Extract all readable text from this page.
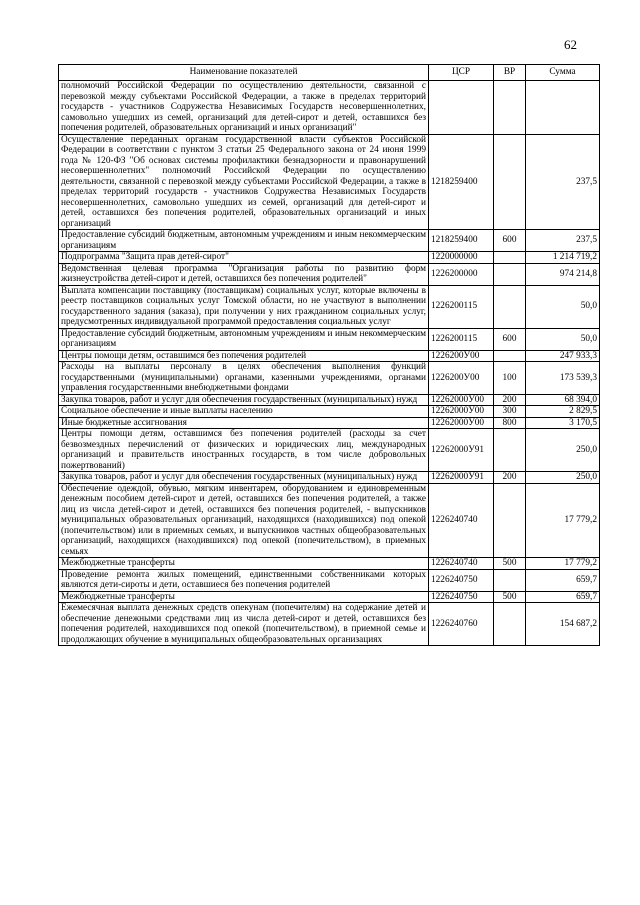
62
Наименование показателей	ЦСР	ВР	Сумма
полномочий Российской Федерации по осуществлению деятельности, связанной с перевозкой между субъектами Российской Федерации, а также в пределах территорий государств - участников Содружества Независимых Государств несовершеннолетних, самовольно ушедших из семей, организаций для детей-сирот и детей, оставшихся без попечения родителей, образовательных организаций и иных организаций"			
Осуществление переданных органам государственной власти субъектов Российской Федерации в соответствии с пунктом 3 статьи 25 Федерального закона от 24 июня 1999 года № 120-ФЗ "Об основах системы профилактики безнадзорности и правонарушений несовершеннолетних" полномочий Российской Федерации по осуществлению деятельности, связанной с перевозкой между субъектами Российской Федерации, а также в пределах территорий государств - участников Содружества Независимых Государств несовершеннолетних, самовольно ушедших из семей, организаций для детей-сирот и детей, оставшихся без попечения родителей, образовательных организаций и иных организаций	1218259400		237,5
Предоставление субсидий бюджетным, автономным учреждениям и иным некоммерческим организациям	1218259400	600	237,5
Подпрограмма "Защита прав детей-сирот"	1220000000		1 214 719,2
Ведомственная целевая программа "Организация работы по развитию форм жизнеустройства детей-сирот и детей, оставшихся без попечения родителей"	1226200000		974 214,8
Выплата компенсации поставщику (поставщикам) социальных услуг, которые включены в реестр поставщиков социальных услуг Томской области, но не участвуют в выполнении государственного задания (заказа), при получении у них гражданином социальных услуг, предусмотренных индивидуальной программой предоставления социальных услуг	1226200115		50,0
Предоставление субсидий бюджетным, автономным учреждениям и иным некоммерческим организациям	1226200115	600	50,0
Центры помощи детям, оставшимся без попечения родителей	1226200У00		247 933,3
Расходы на выплаты персоналу в целях обеспечения выполнения функций государственными (муниципальными) органами, казенными учреждениями, органами управления государственными внебюджетными фондами	1226200У00	100	173 539,3
Закупка товаров, работ и услуг для обеспечения государственных (муниципальных) нужд	12262000У00	200	68 394,0
Социальное обеспечение и иные выплаты населению	12262000У00	300	2 829,5
Иные бюджетные ассигнования	12262000У00	800	3 170,5
Центры помощи детям, оставшимся без попечения родителей (расходы за счет безвозмездных перечислений от физических и юридических лиц, международных организаций и правительств иностранных государств, в том числе добровольных пожертвований)	12262000У91		250,0
Закупка товаров, работ и услуг для обеспечения государственных (муниципальных) нужд	12262000У91	200	250,0
Обеспечение одеждой, обувью, мягким инвентарем, оборудованием и единовременным денежным пособием детей-сирот и детей, оставшихся без попечения родителей, а также лиц из числа детей-сирот и детей, оставшихся без попечения родителей, - выпускников муниципальных образовательных организаций, находящихся (находившихся) под опекой (попечительством) или в приемных семьях, и выпускников частных общеобразовательных организаций, находящихся (находившихся) под опекой (попечительством), в приемных семьях	1226240740		17 779,2
Межбюджетные трансферты	1226240740	500	17 779,2
Проведение ремонта жилых помещений, единственными собственниками которых являются дети-сироты и дети, оставшиеся без попечения родителей	1226240750		659,7
Межбюджетные трансферты	1226240750	500	659,7
Ежемесячная выплата денежных средств опекунам (попечителям) на содержание детей и обеспечение денежными средствами лиц из числа детей-сирот и детей, оставшихся без попечения родителей, находившихся под опекой (попечительством), в приемной семье и продолжающих обучение в муниципальных общеобразовательных организациях	1226240760		154 687,2
